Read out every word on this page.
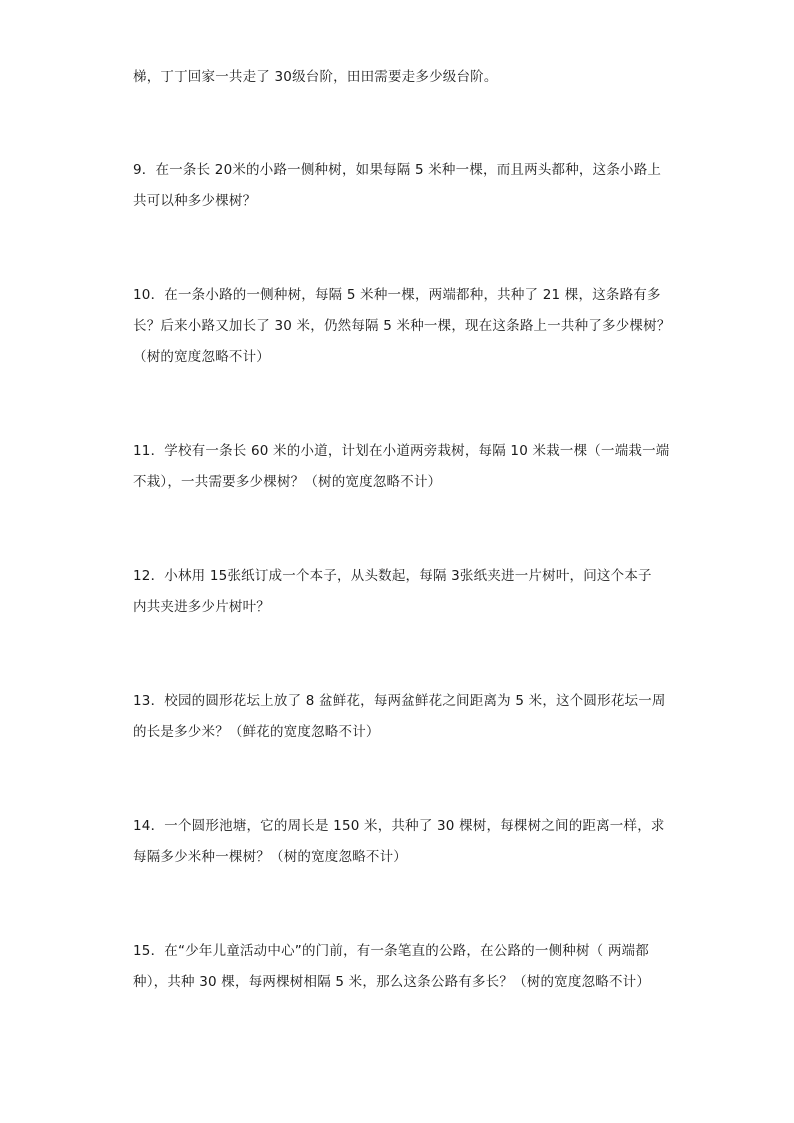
梯，丁丁回家一共走了 30级台阶，田田需要走多少级台阶。
9．在一条长 20米的小路一侧种树，如果每隔 5 米种一棵，而且两头都种，这条小路上
共可以种多少棵树？
10．在一条小路的一侧种树，每隔 5 米种一棵，两端都种，共种了 21 棵，这条路有多
长？后来小路又加长了 30 米，仍然每隔 5 米种一棵，现在这条路上一共种了多少棵树？
（树的宽度忽略不计）
11．学校有一条长 60 米的小道，计划在小道两旁栽树，每隔 10 米栽一棵（一端栽一端
不栽），一共需要多少棵树？（树的宽度忽略不计）
12．小林用 15张纸订成一个本子，从头数起，每隔 3张纸夹进一片树叶，问这个本子
内共夹进多少片树叶？
13．校园的圆形花坛上放了 8 盆鲜花，每两盆鲜花之间距离为 5 米，这个圆形花坛一周
的长是多少米？（鲜花的宽度忽略不计）
14．一个圆形池塘，它的周长是 150 米，共种了 30 棵树，每棵树之间的距离一样，求
每隔多少米种一棵树？（树的宽度忽略不计）
15．在“少年儿童活动中心”的门前，有一条笔直的公路，在公路的一侧种树（ 两端都
种），共种 30 棵，每两棵树相隔 5 米，那么这条公路有多长？（树的宽度忽略不计）
